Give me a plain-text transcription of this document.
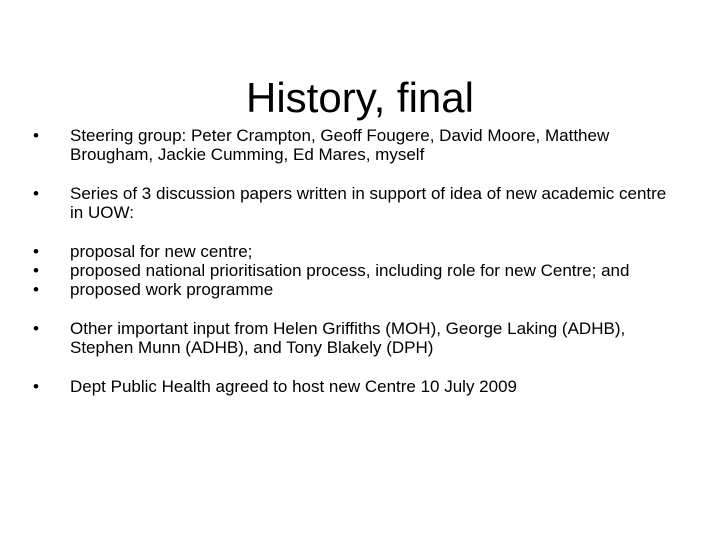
History, final
• Steering group: Peter Crampton, Geoff Fougere, David Moore, Matthew Brougham, Jackie Cumming, Ed Mares, myself
• Series of 3 discussion papers written in support of idea of new academic centre in UOW:
• proposal for new centre;
• proposed national prioritisation process, including role for new Centre; and
• proposed work programme
• Other important input from Helen Griffiths (MOH), George Laking (ADHB), Stephen Munn (ADHB), and Tony Blakely (DPH)
• Dept Public Health agreed to host new Centre 10 July 2009
